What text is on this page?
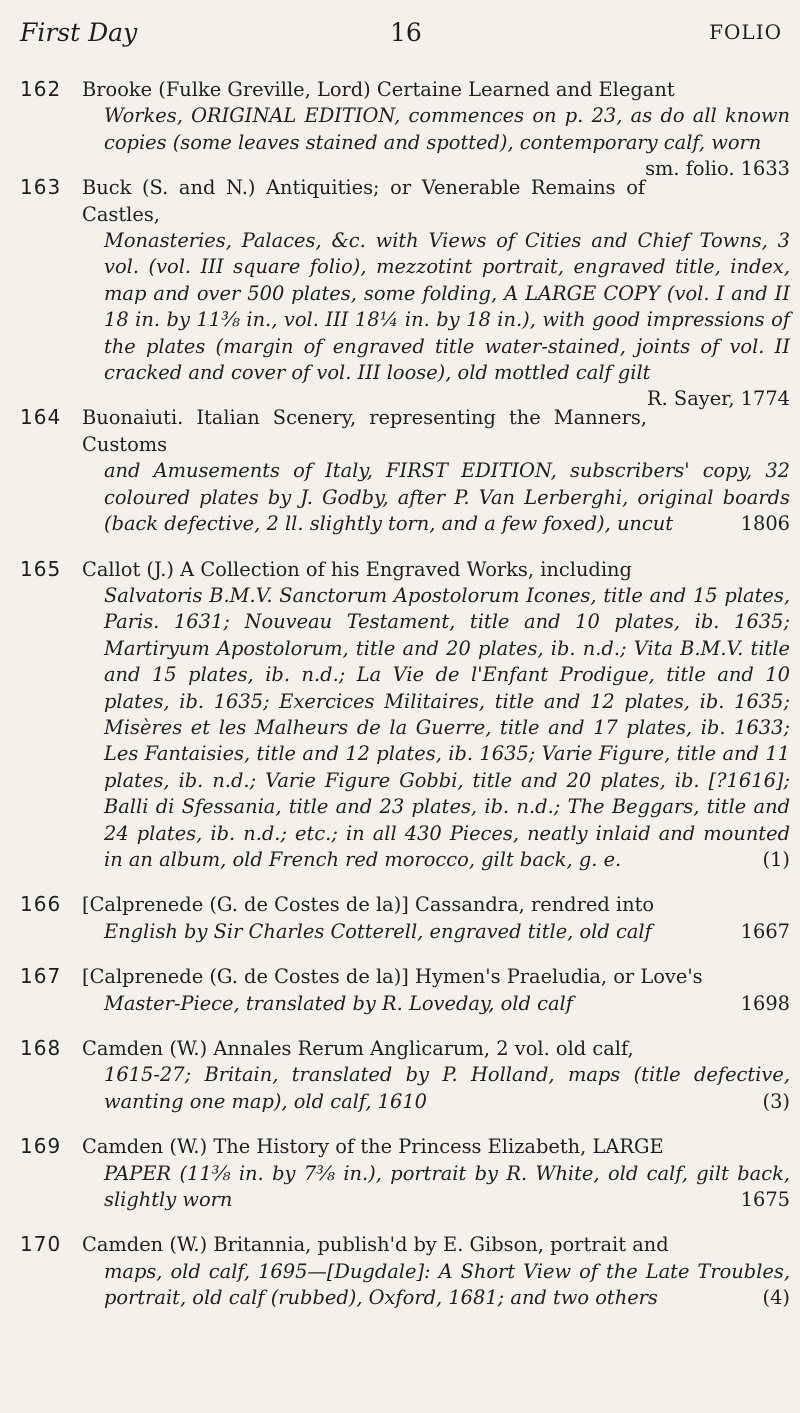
First Day	16	FOLIO
162	Brooke (Fulke Greville, Lord) Certaine Learned and Elegant
Workes, ORIGINAL EDITION, commences on p. 23, as do all known copies (some leaves stained and spotted), contemporary calf, worn
sm. folio. 1633
163	Buck (S. and N.) Antiquities; or Venerable Remains of Castles,
Monasteries, Palaces, &c. with Views of Cities and Chief Towns, 3 vol. (vol. III square folio), mezzotint portrait, engraved title, index, map and over 500 plates, some folding, A LARGE COPY (vol. I and II 18 in. by 11⅜ in., vol. III 18¼ in. by 18 in.), with good impressions of the plates (margin of engraved title water-stained, joints of vol. II cracked and cover of vol. III loose), old mottled calf gilt
R. Sayer, 1774
164	Buonaiuti. Italian Scenery, representing the Manners, Customs
and Amusements of Italy, FIRST EDITION, subscribers' copy, 32 coloured plates by J. Godby, after P. Van Lerberghi, original boards (back defective, 2 ll. slightly torn, and a few foxed), uncut	1806
165	Callot (J.) A Collection of his Engraved Works, including
Salvatoris B.M.V. Sanctorum Apostolorum Icones, title and 15 plates, Paris. 1631; Nouveau Testament, title and 10 plates, ib. 1635; Martiryum Apostolorum, title and 20 plates, ib. n.d.; Vita B.M.V. title and 15 plates, ib. n.d.; La Vie de l'Enfant Prodigue, title and 10 plates, ib. 1635; Exercices Militaires, title and 12 plates, ib. 1635; Misères et les Malheurs de la Guerre, title and 17 plates, ib. 1633; Les Fantaisies, title and 12 plates, ib. 1635; Varie Figure, title and 11 plates, ib. n.d.; Varie Figure Gobbi, title and 20 plates, ib. [?1616]; Balli di Sfessania, title and 23 plates, ib. n.d.; The Beggars, title and 24 plates, ib. n.d.; etc.; in all 430 Pieces, neatly inlaid and mounted in an album, old French red morocco, gilt back, g. e.	(1)
166	[Calprenede (G. de Costes de la)] Cassandra, rendred into
English by Sir Charles Cotterell, engraved title, old calf	1667
167	[Calprenede (G. de Costes de la)] Hymen's Praeludia, or Love's
Master-Piece, translated by R. Loveday, old calf	1698
168	Camden (W.) Annales Rerum Anglicarum, 2 vol. old calf,
1615-27; Britain, translated by P. Holland, maps (title defective, wanting one map), old calf, 1610	(3)
169	Camden (W.) The History of the Princess Elizabeth, LARGE
PAPER (11⅜ in. by 7⅜ in.), portrait by R. White, old calf, gilt back, slightly worn	1675
170	Camden (W.) Britannia, publish'd by E. Gibson, portrait and
maps, old calf, 1695—[Dugdale]: A Short View of the Late Troubles, portrait, old calf (rubbed), Oxford, 1681; and two others	(4)
